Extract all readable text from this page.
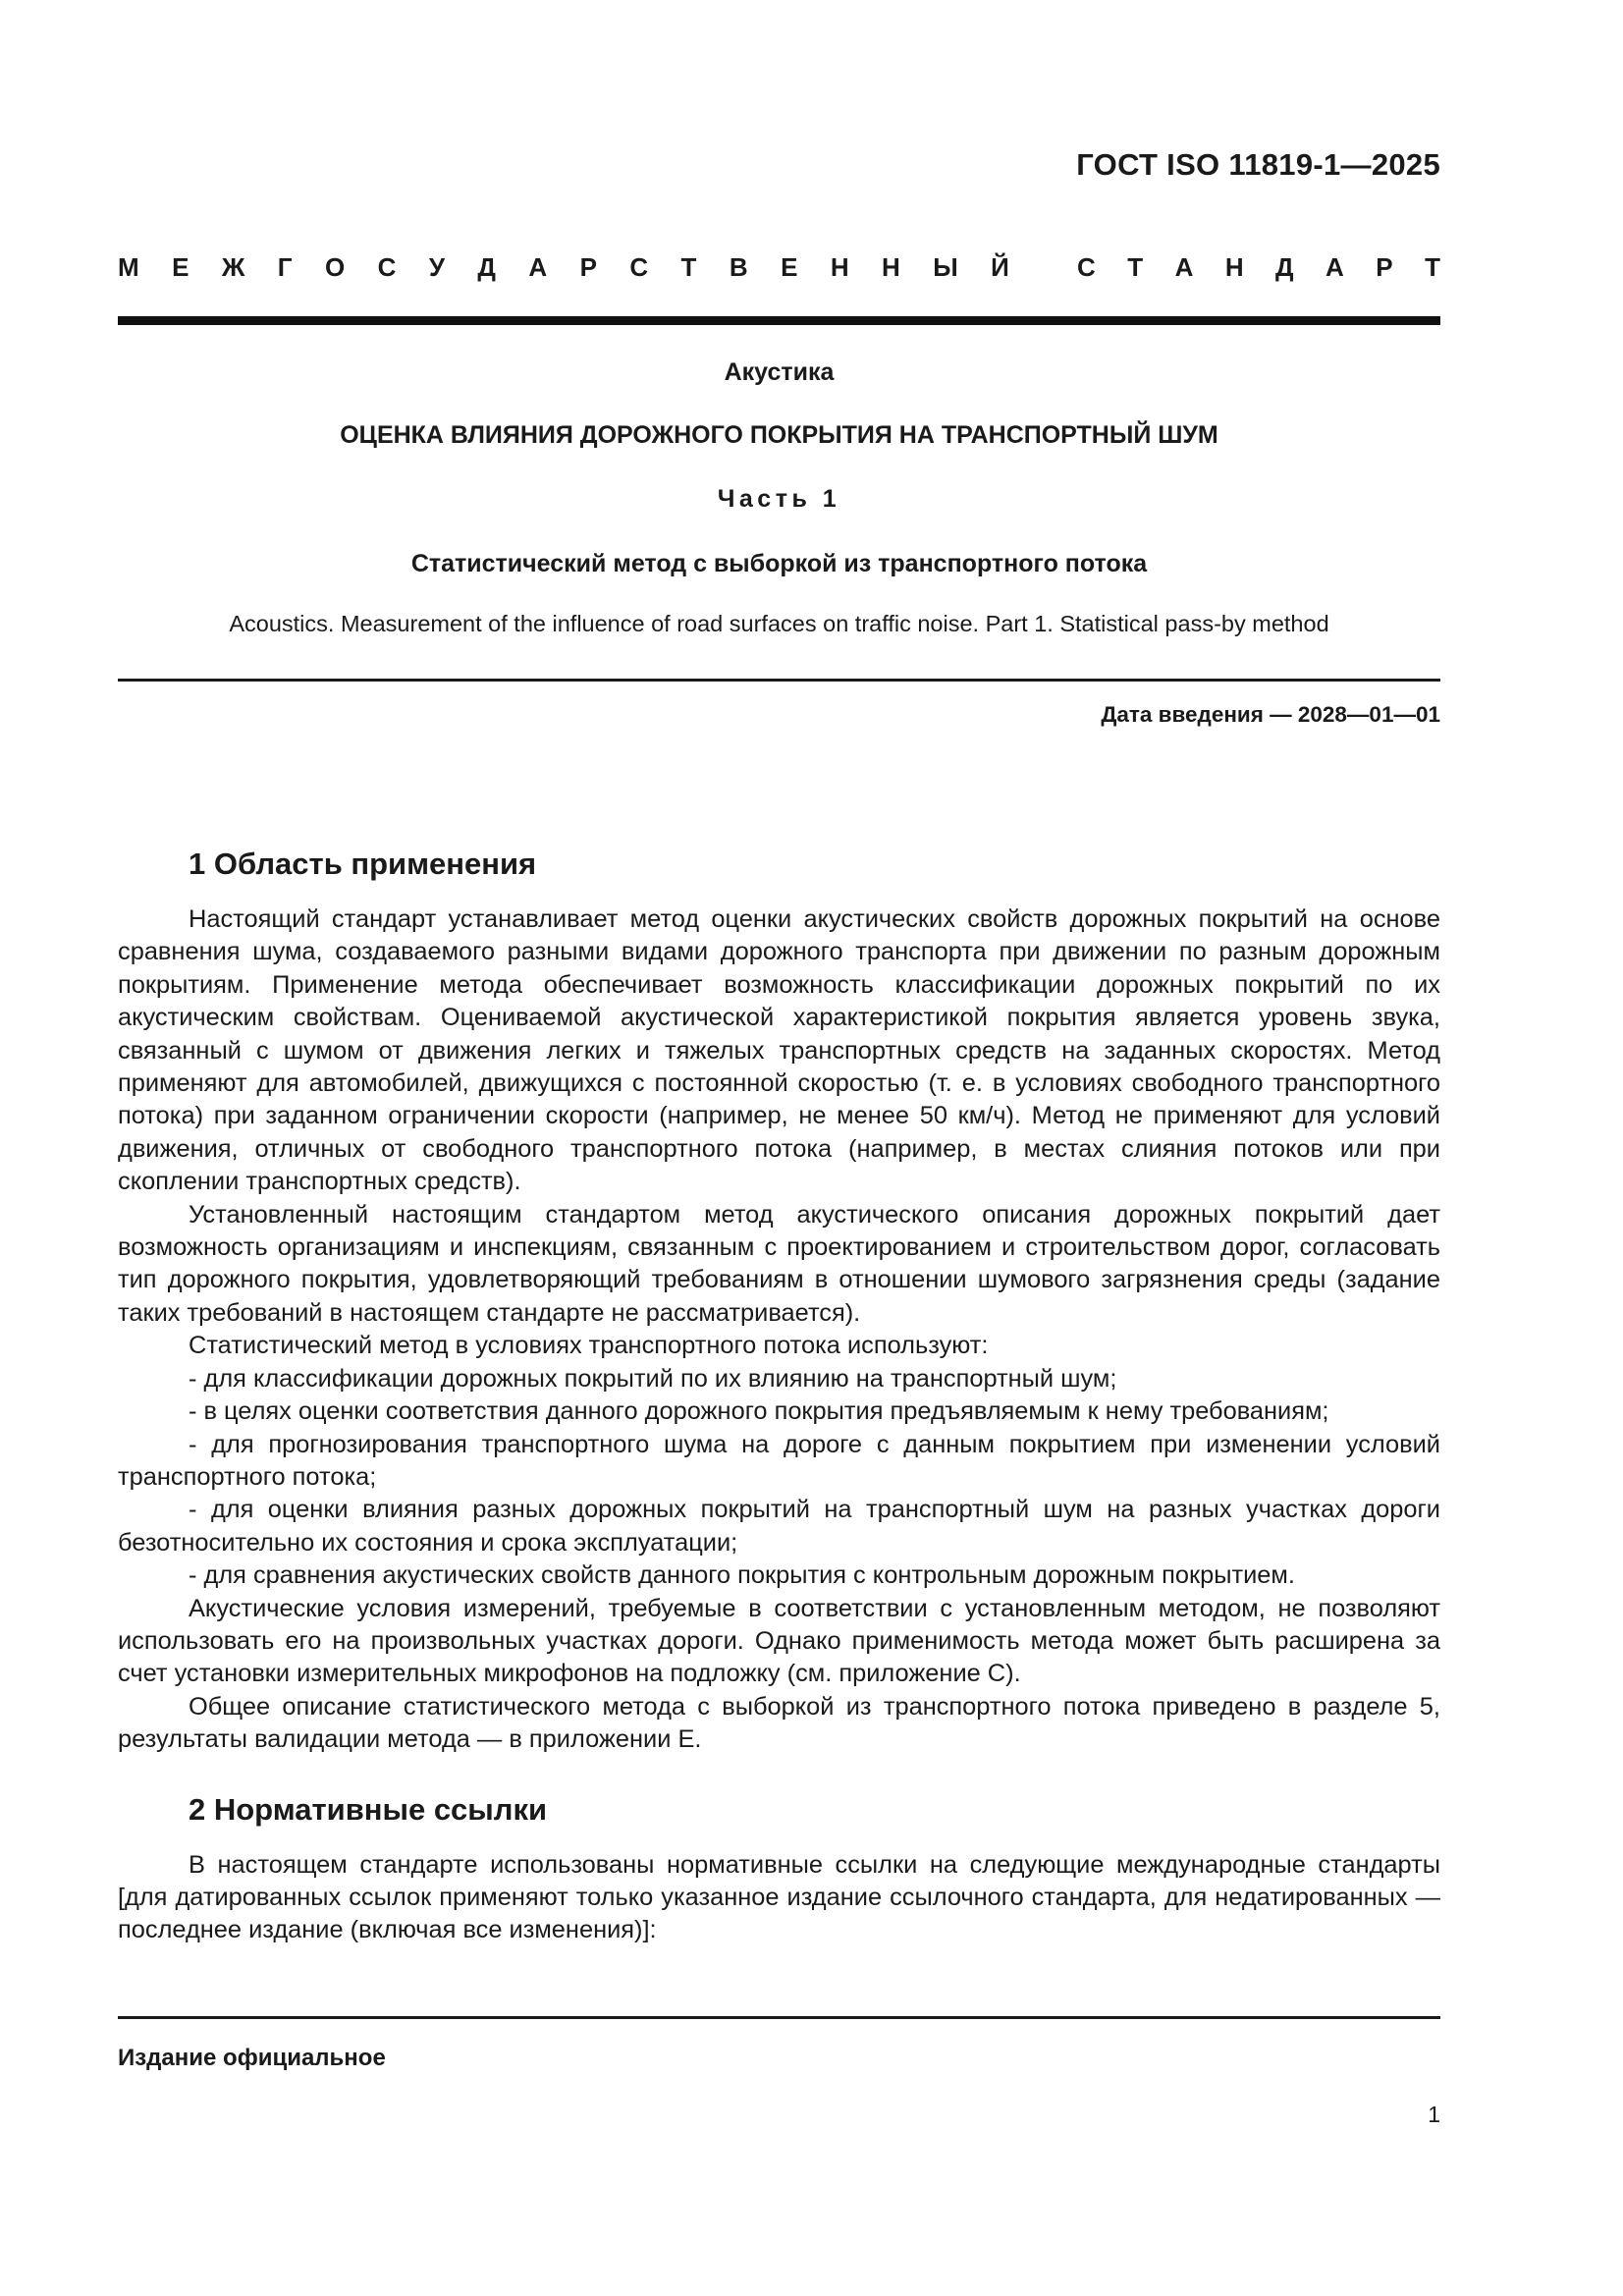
ГОСТ ISO 11819-1—2025
М Е Ж Г О С У Д А Р С Т В Е Н Н Ы Й	С Т А Н Д А Р Т
Акустика
ОЦЕНКА ВЛИЯНИЯ ДОРОЖНОГО ПОКРЫТИЯ НА ТРАНСПОРТНЫЙ ШУМ
Часть 1
Статистический метод с выборкой из транспортного потока
Acoustics. Measurement of the influence of road surfaces on traffic noise. Part 1. Statistical pass-by method
Дата введения — 2028—01—01
1 Область применения

Настоящий стандарт устанавливает метод оценки акустических свойств дорожных покрытий на основе сравнения шума, создаваемого разными видами дорожного транспорта при движении по разным дорожным покрытиям. Применение метода обеспечивает возможность классификации дорожных покрытий по их акустическим свойствам. Оцениваемой акустической характеристикой покрытия является уровень звука, связанный с шумом от движения легких и тяжелых транспортных средств на заданных скоростях. Метод применяют для автомобилей, движущихся с постоянной скоростью (т. е. в условиях свободного транспортного потока) при заданном ограничении скорости (например, не менее 50 км/ч). Метод не применяют для условий движения, отличных от свободного транспортного потока (например, в местах слияния потоков или при скоплении транспортных средств).

Установленный настоящим стандартом метод акустического описания дорожных покрытий дает возможность организациям и инспекциям, связанным с проектированием и строительством дорог, согласовать тип дорожного покрытия, удовлетворяющий требованиям в отношении шумового загрязнения среды (задание таких требований в настоящем стандарте не рассматривается).

Статистический метод в условиях транспортного потока используют:

- для классификации дорожных покрытий по их влиянию на транспортный шум;

- в целях оценки соответствия данного дорожного покрытия предъявляемым к нему требованиям;

- для прогнозирования транспортного шума на дороге с данным покрытием при изменении условий транспортного потока;

- для оценки влияния разных дорожных покрытий на транспортный шум на разных участках дороги безотносительно их состояния и срока эксплуатации;

- для сравнения акустических свойств данного покрытия с контрольным дорожным покрытием.

Акустические условия измерений, требуемые в соответствии с установленным методом, не позволяют использовать его на произвольных участках дороги. Однако применимость метода может быть расширена за счет установки измерительных микрофонов на подложку (см. приложение С).

Общее описание статистического метода с выборкой из транспортного потока приведено в разделе 5, результаты валидации метода — в приложении Е.

2 Нормативные ссылки

В настоящем стандарте использованы нормативные ссылки на следующие международные стандарты [для датированных ссылок применяют только указанное издание ссылочного стандарта, для недатированных — последнее издание (включая все изменения)]:

Издание официальное
1
